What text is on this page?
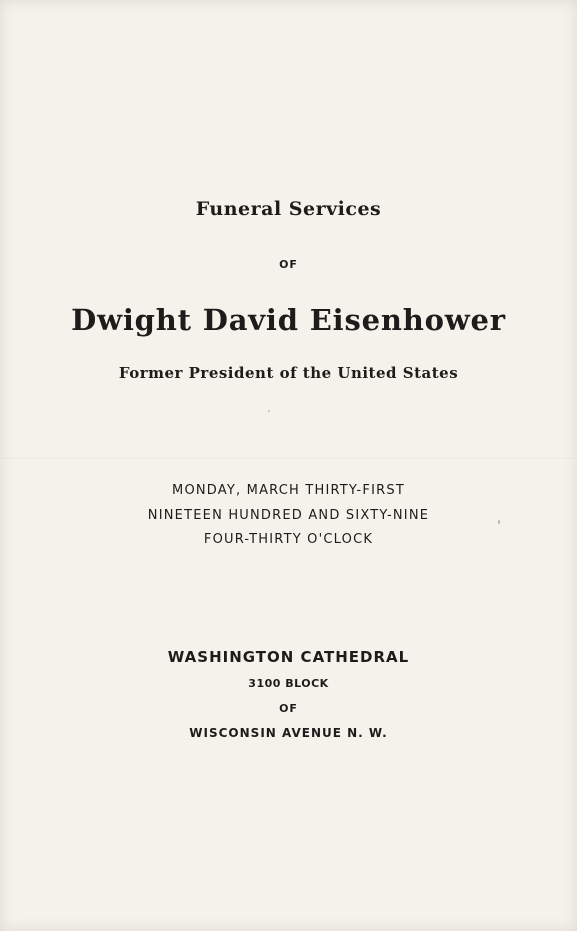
Funeral Services
OF
Dwight David Eisenhower
Former President of the United States
MONDAY, MARCH THIRTY-FIRST
NINETEEN HUNDRED AND SIXTY-NINE
FOUR-THIRTY O'CLOCK
WASHINGTON CATHEDRAL
3100 BLOCK
OF
WISCONSIN AVENUE N. W.
